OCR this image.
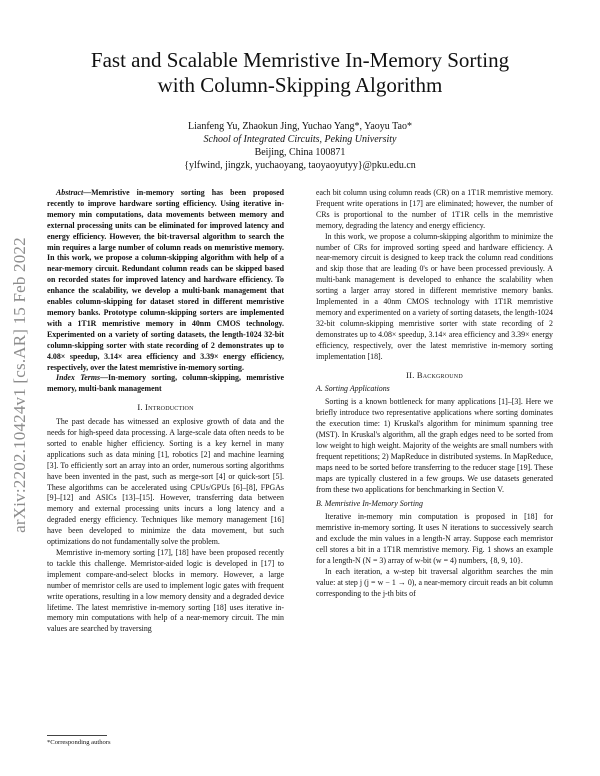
arXiv:2202.10424v1 [cs.AR] 15 Feb 2022
Fast and Scalable Memristive In-Memory Sorting
with Column-Skipping Algorithm
Lianfeng Yu, Zhaokun Jing, Yuchao Yang*, Yaoyu Tao*
School of Integrated Circuits, Peking University
Beijing, China 100871
{ylfwind, jingzk, yuchaoyang, taoyaoyutyy}@pku.edu.cn

Abstract—Memristive in-memory sorting has been proposed recently to improve hardware sorting efficiency. Using iterative in-memory min computations, data movements between memory and external processing units can be eliminated for improved latency and energy efficiency. However, the bit-traversal algorithm to search the min requires a large number of column reads on memristive memory. In this work, we propose a column-skipping algorithm with help of a near-memory circuit. Redundant column reads can be skipped based on recorded states for improved latency and hardware efficiency. To enhance the scalability, we develop a multi-bank management that enables column-skipping for dataset stored in different memristive memory banks. Prototype column-skipping sorters are implemented with a 1T1R memristive memory in 40nm CMOS technology. Experimented on a variety of sorting datasets, the length-1024 32-bit column-skipping sorter with state recording of 2 demonstrates up to 4.08× speedup, 3.14× area efficiency and 3.39× energy efficiency, respectively, over the latest memristive in-memory sorting.

Index Terms—In-memory sorting, column-skipping, memristive memory, multi-bank management

I. Introduction

The past decade has witnessed an explosive growth of data and the needs for high-speed data processing. A large-scale data often needs to be sorted to enable higher efficiency. Sorting is a key kernel in many applications such as data mining [1], robotics [2] and machine learning [3]. To efficiently sort an array into an order, numerous sorting algorithms have been invented in the past, such as merge-sort [4] or quick-sort [5]. These algorithms can be accelerated using CPUs/GPUs [6]–[8], FPGAs [9]–[12] and ASICs [13]–[15]. However, transferring data between memory and external processing units incurs a long latency and a degraded energy efficiency. Techniques like memory management [16] have been developed to minimize the data movement, but such optimizations do not fundamentally solve the problem.

Memristive in-memory sorting [17], [18] have been proposed recently to tackle this challenge. Memristor-aided logic is developed in [17] to implement compare-and-select blocks in memory. However, a large number of memristor cells are used to implement logic gates with frequent write operations, resulting in a low memory density and a degraded device lifetime. The latest memristive in-memory sorting [18] uses iterative in-memory min computations with help of a near-memory circuit. The min values are searched by traversing

each bit column using column reads (CR) on a 1T1R memristive memory. Frequent write operations in [17] are eliminated; however, the number of CRs is proportional to the number of 1T1R cells in the memristive memory, degrading the latency and energy efficiency.

In this work, we propose a column-skipping algorithm to minimize the number of CRs for improved sorting speed and hardware efficiency. A near-memory circuit is designed to keep track the column read conditions and skip those that are leading 0's or have been processed previously. A multi-bank management is developed to enhance the scalability when sorting a larger array stored in different memristive memory banks. Implemented in a 40nm CMOS technology with 1T1R memristive memory and experimented on a variety of sorting datasets, the length-1024 32-bit column-skipping memristive sorter with state recording of 2 demonstrates up to 4.08× speedup, 3.14× area efficiency and 3.39× energy efficiency, respectively, over the latest memristive in-memory sorting implementation [18].

II. Background
A. Sorting Applications

Sorting is a known bottleneck for many applications [1]–[3]. Here we briefly introduce two representative applications where sorting dominates the execution time: 1) Kruskal's algorithm for minimum spanning tree (MST). In Kruskal's algorithm, all the graph edges need to be sorted from low weight to high weight. Majority of the weights are small numbers with frequent repetitions; 2) MapReduce in distributed systems. In MapReduce, maps need to be sorted before transferring to the reducer stage [19]. These maps are typically clustered in a few groups. We use datasets generated from these two applications for benchmarking in Section V.

B. Memristive In-Memory Sorting

Iterative in-memory min computation is proposed in [18] for memristive in-memory sorting. It uses N iterations to successively search and exclude the min values in a length-N array. Suppose each memristor cell stores a bit in a 1T1R memristive memory. Fig. 1 shows an example for a length-N (N = 3) array of w-bit (w = 4) numbers, {8, 9, 10}.

In each iteration, a w-step bit traversal algorithm searches the min value: at step j (j = w − 1 → 0), a near-memory circuit reads an bit column corresponding to the j-th bits of

*Corresponding authors
